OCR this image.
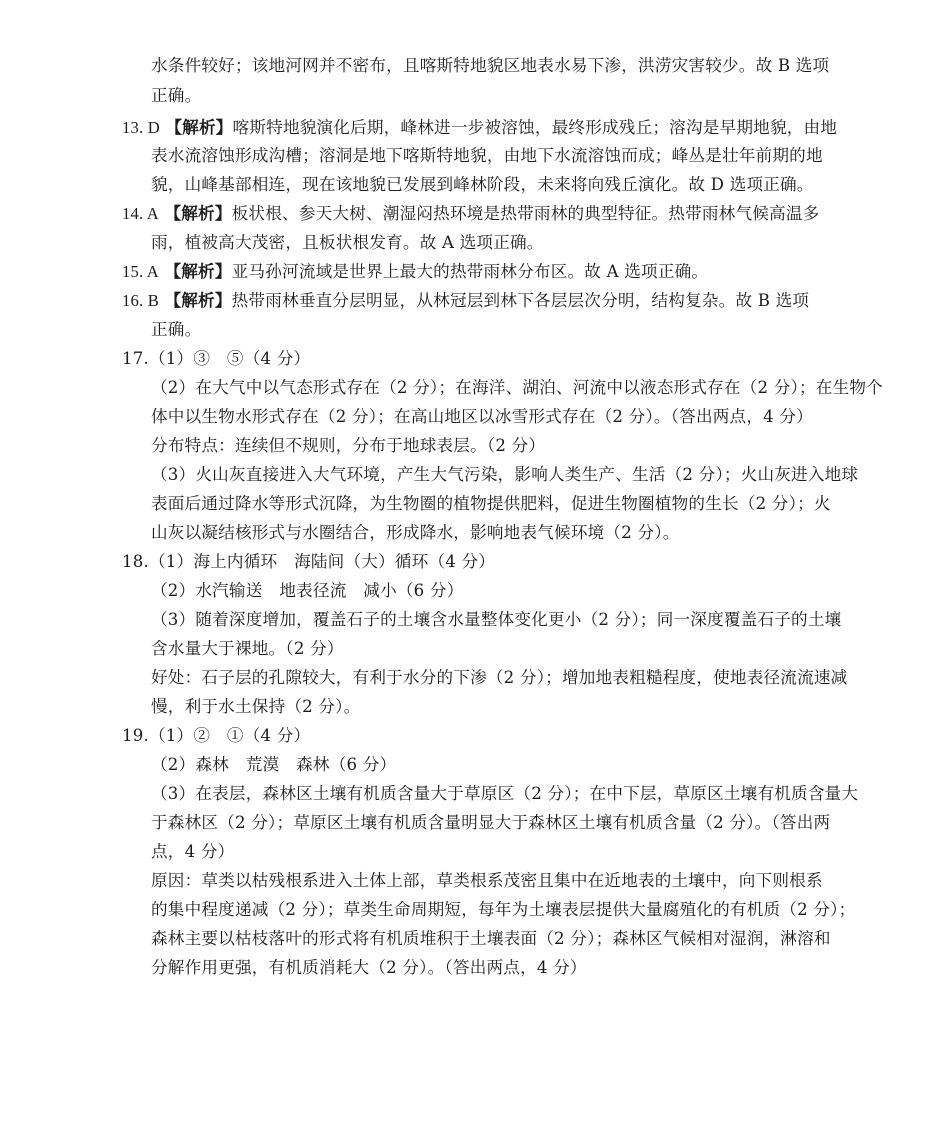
水条件较好；该地河网并不密布，且喀斯特地貌区地表水易下渗，洪涝灾害较少。故 B 选项
正确。
13. D 【解析】喀斯特地貌演化后期，峰林进一步被溶蚀，最终形成残丘；溶沟是早期地貌，由地
表水流溶蚀形成沟槽；溶洞是地下喀斯特地貌，由地下水流溶蚀而成；峰丛是壮年前期的地
貌，山峰基部相连，现在该地貌已发展到峰林阶段，未来将向残丘演化。故 D 选项正确。
14. A 【解析】板状根、参天大树、潮湿闷热环境是热带雨林的典型特征。热带雨林气候高温多
雨，植被高大茂密，且板状根发育。故 A 选项正确。
15. A 【解析】亚马孙河流域是世界上最大的热带雨林分布区。故 A 选项正确。
16. B 【解析】热带雨林垂直分层明显，从林冠层到林下各层层次分明，结构复杂。故 B 选项
正确。
17.（1）③　⑤（4 分）
（2）在大气中以气态形式存在（2 分）；在海洋、湖泊、河流中以液态形式存在（2 分）；在生物个
体中以生物水形式存在（2 分）；在高山地区以冰雪形式存在（2 分）。（答出两点，4 分）
分布特点：连续但不规则，分布于地球表层。（2 分）
（3）火山灰直接进入大气环境，产生大气污染，影响人类生产、生活（2 分）；火山灰进入地球
表面后通过降水等形式沉降，为生物圈的植物提供肥料，促进生物圈植物的生长（2 分）；火
山灰以凝结核形式与水圈结合，形成降水，影响地表气候环境（2 分）。
18.（1）海上内循环　海陆间（大）循环（4 分）
（2）水汽输送　地表径流　减小（6 分）
（3）随着深度增加，覆盖石子的土壤含水量整体变化更小（2 分）；同一深度覆盖石子的土壤
含水量大于裸地。（2 分）
好处：石子层的孔隙较大，有利于水分的下渗（2 分）；增加地表粗糙程度，使地表径流流速减
慢，利于水土保持（2 分）。
19.（1）②　①（4 分）
（2）森林　荒漠　森林（6 分）
（3）在表层，森林区土壤有机质含量大于草原区（2 分）；在中下层，草原区土壤有机质含量大
于森林区（2 分）；草原区土壤有机质含量明显大于森林区土壤有机质含量（2 分）。（答出两
点，4 分）
原因：草类以枯残根系进入土体上部，草类根系茂密且集中在近地表的土壤中，向下则根系
的集中程度递减（2 分）；草类生命周期短，每年为土壤表层提供大量腐殖化的有机质（2 分）；
森林主要以枯枝落叶的形式将有机质堆积于土壤表面（2 分）；森林区气候相对湿润，淋溶和
分解作用更强，有机质消耗大（2 分）。（答出两点，4 分）
